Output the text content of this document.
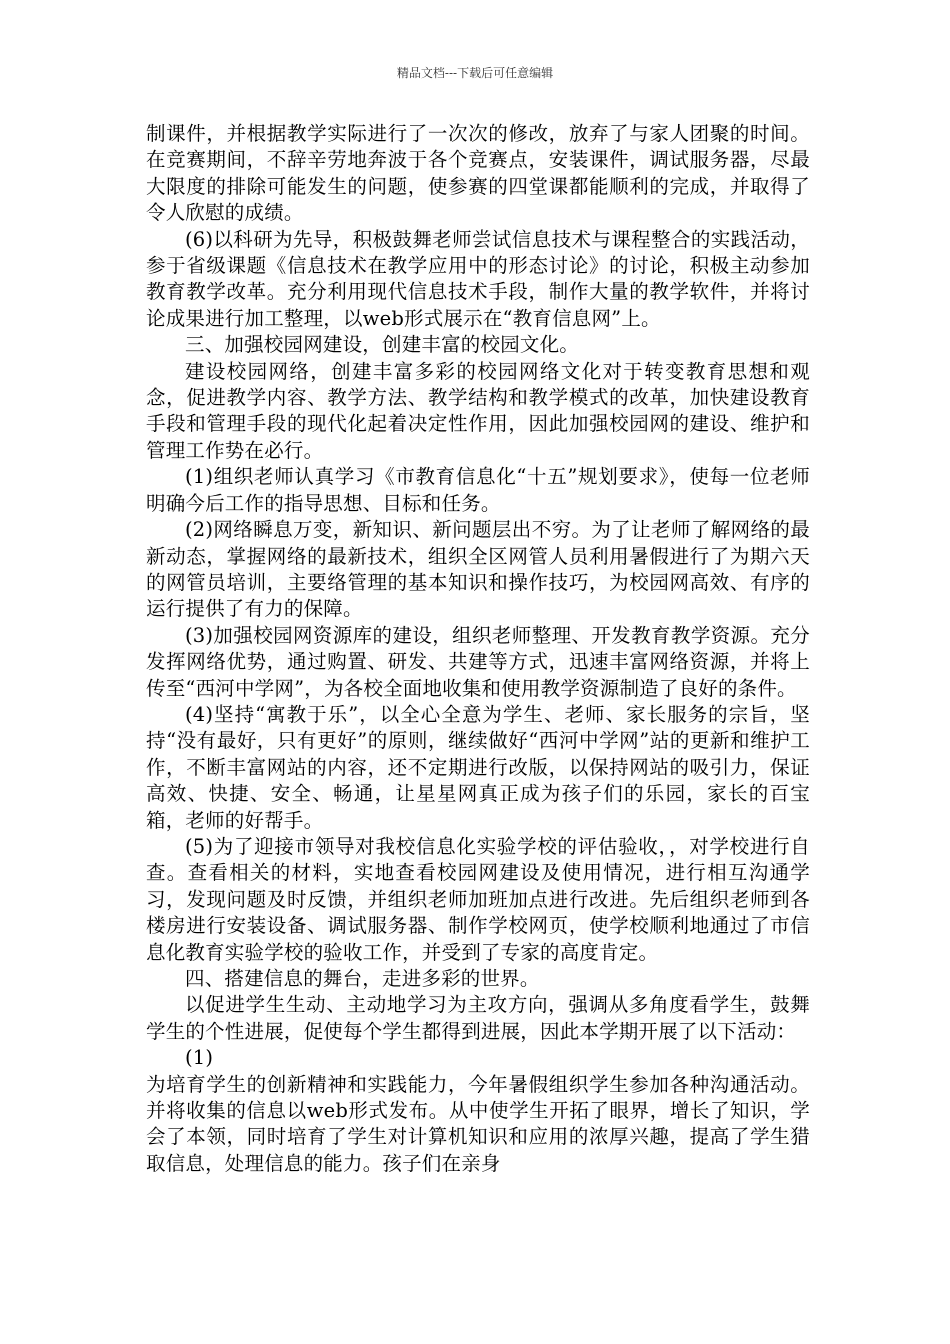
精品文档---下载后可任意编辑

制课件，并根据教学实际进行了一次次的修改，放弃了与家人团聚的时间。在竞赛期间，不辞辛劳地奔波于各个竞赛点，安装课件，调试服务器，尽最大限度的排除可能发生的问题，使参赛的四堂课都能顺利的完成，并取得了令人欣慰的成绩。

(6)以科研为先导，积极鼓舞老师尝试信息技术与课程整合的实践活动，参于省级课题《信息技术在教学应用中的形态讨论》的讨论，积极主动参加教育教学改革。充分利用现代信息技术手段，制作大量的教学软件，并将讨论成果进行加工整理，以web形式展示在“教育信息网”上。

三、加强校园网建设，创建丰富的校园文化。

建设校园网络，创建丰富多彩的校园网络文化对于转变教育思想和观念，促进教学内容、教学方法、教学结构和教学模式的改革，加快建设教育手段和管理手段的现代化起着决定性作用，因此加强校园网的建设、维护和管理工作势在必行。

(1)组织老师认真学习《市教育信息化“十五”规划要求》，使每一位老师明确今后工作的指导思想、目标和任务。

(2)网络瞬息万变，新知识、新问题层出不穷。为了让老师了解网络的最新动态，掌握网络的最新技术，组织全区网管人员利用暑假进行了为期六天的网管员培训，主要络管理的基本知识和操作技巧，为校园网高效、有序的运行提供了有力的保障。

(3)加强校园网资源库的建设，组织老师整理、开发教育教学资源。充分发挥网络优势，通过购置、研发、共建等方式，迅速丰富网络资源，并将上传至“西河中学网”，为各校全面地收集和使用教学资源制造了良好的条件。

(4)坚持“寓教于乐”，以全心全意为学生、老师、家长服务的宗旨，坚持“没有最好，只有更好”的原则，继续做好“西河中学网”站的更新和维护工作，不断丰富网站的内容，还不定期进行改版，以保持网站的吸引力，保证高效、快捷、安全、畅通，让星星网真正成为孩子们的乐园，家长的百宝箱，老师的好帮手。

(5)为了迎接市领导对我校信息化实验学校的评估验收，，对学校进行自查。查看相关的材料，实地查看校园网建设及使用情况，进行相互沟通学习，发现问题及时反馈，并组织老师加班加点进行改进。先后组织老师到各楼房进行安装设备、调试服务器、制作学校网页，使学校顺利地通过了市信息化教育实验学校的验收工作，并受到了专家的高度肯定。

四、搭建信息的舞台，走进多彩的世界。

以促进学生生动、主动地学习为主攻方向，强调从多角度看学生，鼓舞学生的个性进展，促使每个学生都得到进展，因此本学期开展了以下活动：

(1)

为培育学生的创新精神和实践能力，今年暑假组织学生参加各种沟通活动。并将收集的信息以web形式发布。从中使学生开拓了眼界，增长了知识，学会了本领，同时培育了学生对计算机知识和应用的浓厚兴趣，提高了学生猎取信息，处理信息的能力。孩子们在亲身
